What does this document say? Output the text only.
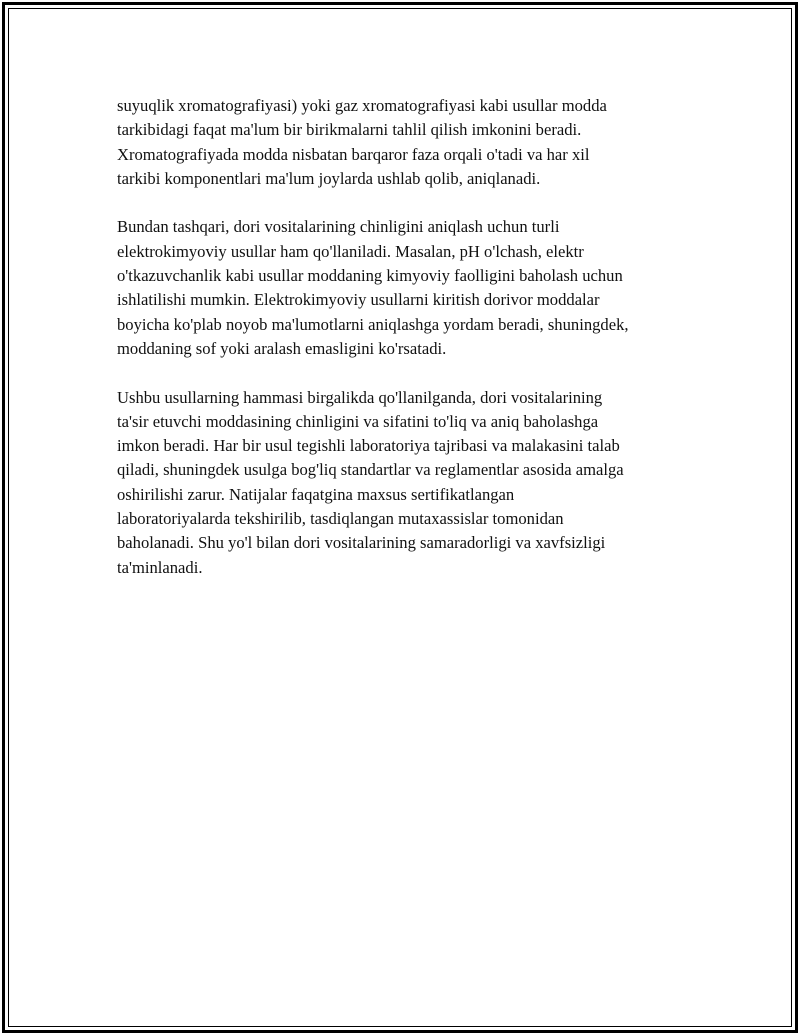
suyuqlik xromatografiyasi) yoki gaz xromatografiyasi kabi usullar modda
tarkibidagi faqat ma'lum bir birikmalarni tahlil qilish imkonini beradi.
Xromatografiyada modda nisbatan barqaror faza orqali o'tadi va har xil
tarkibi komponentlari ma'lum joylarda ushlab qolib, aniqlanadi.

Bundan tashqari, dori vositalarining chinligini aniqlash uchun turli
elektrokimyoviy usullar ham qo'llaniladi. Masalan, pH o'lchash, elektr
o'tkazuvchanlik kabi usullar moddaning kimyoviy faolligini baholash uchun
ishlatilishi mumkin. Elektrokimyoviy usullarni kiritish dorivor moddalar
boyicha ko'plab noyob ma'lumotlarni aniqlashga yordam beradi, shuningdek,
moddaning sof yoki aralash emasligini ko'rsatadi.

Ushbu usullarning hammasi birgalikda qo'llanilganda, dori vositalarining
ta'sir etuvchi moddasining chinligini va sifatini to'liq va aniq baholashga
imkon beradi. Har bir usul tegishli laboratoriya tajribasi va malakasini talab
qiladi, shuningdek usulga bog'liq standartlar va reglamentlar asosida amalga
oshirilishi zarur. Natijalar faqatgina maxsus sertifikatlangan
laboratoriyalarda tekshirilib, tasdiqlangan mutaxassislar tomonidan
baholanadi. Shu yo'l bilan dori vositalarining samaradorligi va xavfsizligi
ta'minlanadi.
